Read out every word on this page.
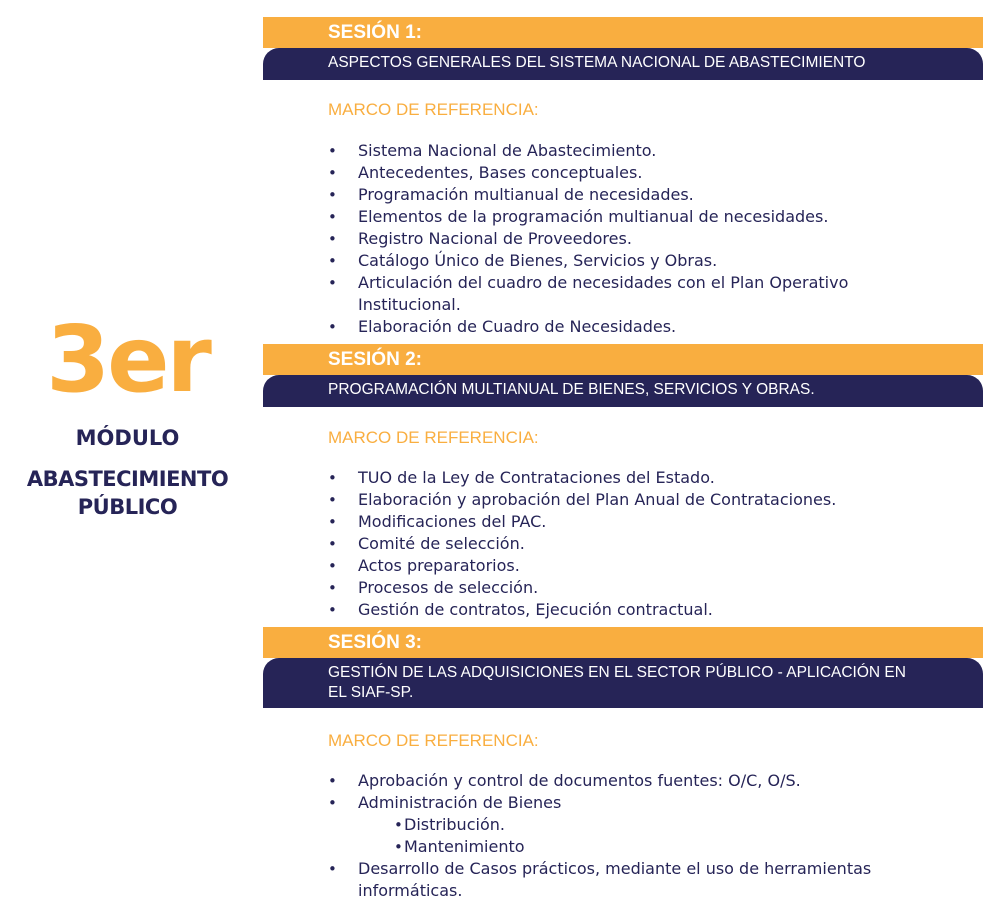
3er
MÓDULO
ABASTECIMIENTO
PÚBLICO
SESIÓN 1:
ASPECTOS GENERALES DEL SISTEMA NACIONAL DE ABASTECIMIENTO
MARCO DE REFERENCIA:
• Sistema Nacional de Abastecimiento.
• Antecedentes, Bases conceptuales.
• Programación multianual de necesidades.
• Elementos de la programación multianual de necesidades.
• Registro Nacional de Proveedores.
• Catálogo Único de Bienes, Servicios y Obras.
• Articulación del cuadro de necesidades con el Plan Operativo Institucional.
• Elaboración de Cuadro de Necesidades.
SESIÓN 2:
PROGRAMACIÓN MULTIANUAL DE BIENES, SERVICIOS Y OBRAS.
MARCO DE REFERENCIA:
• TUO de la Ley de Contrataciones del Estado.
• Elaboración y aprobación del Plan Anual de Contrataciones.
• Modificaciones del PAC.
• Comité de selección.
• Actos preparatorios.
• Procesos de selección.
• Gestión de contratos, Ejecución contractual.
SESIÓN 3:
GESTIÓN DE LAS ADQUISICIONES EN EL SECTOR PÚBLICO - APLICACIÓN EN EL SIAF-SP.
MARCO DE REFERENCIA:
• Aprobación y control de documentos fuentes: O/C, O/S.
• Administración de Bienes
• Distribución.
• Mantenimiento
• Desarrollo de Casos prácticos, mediante el uso de herramientas informáticas.
